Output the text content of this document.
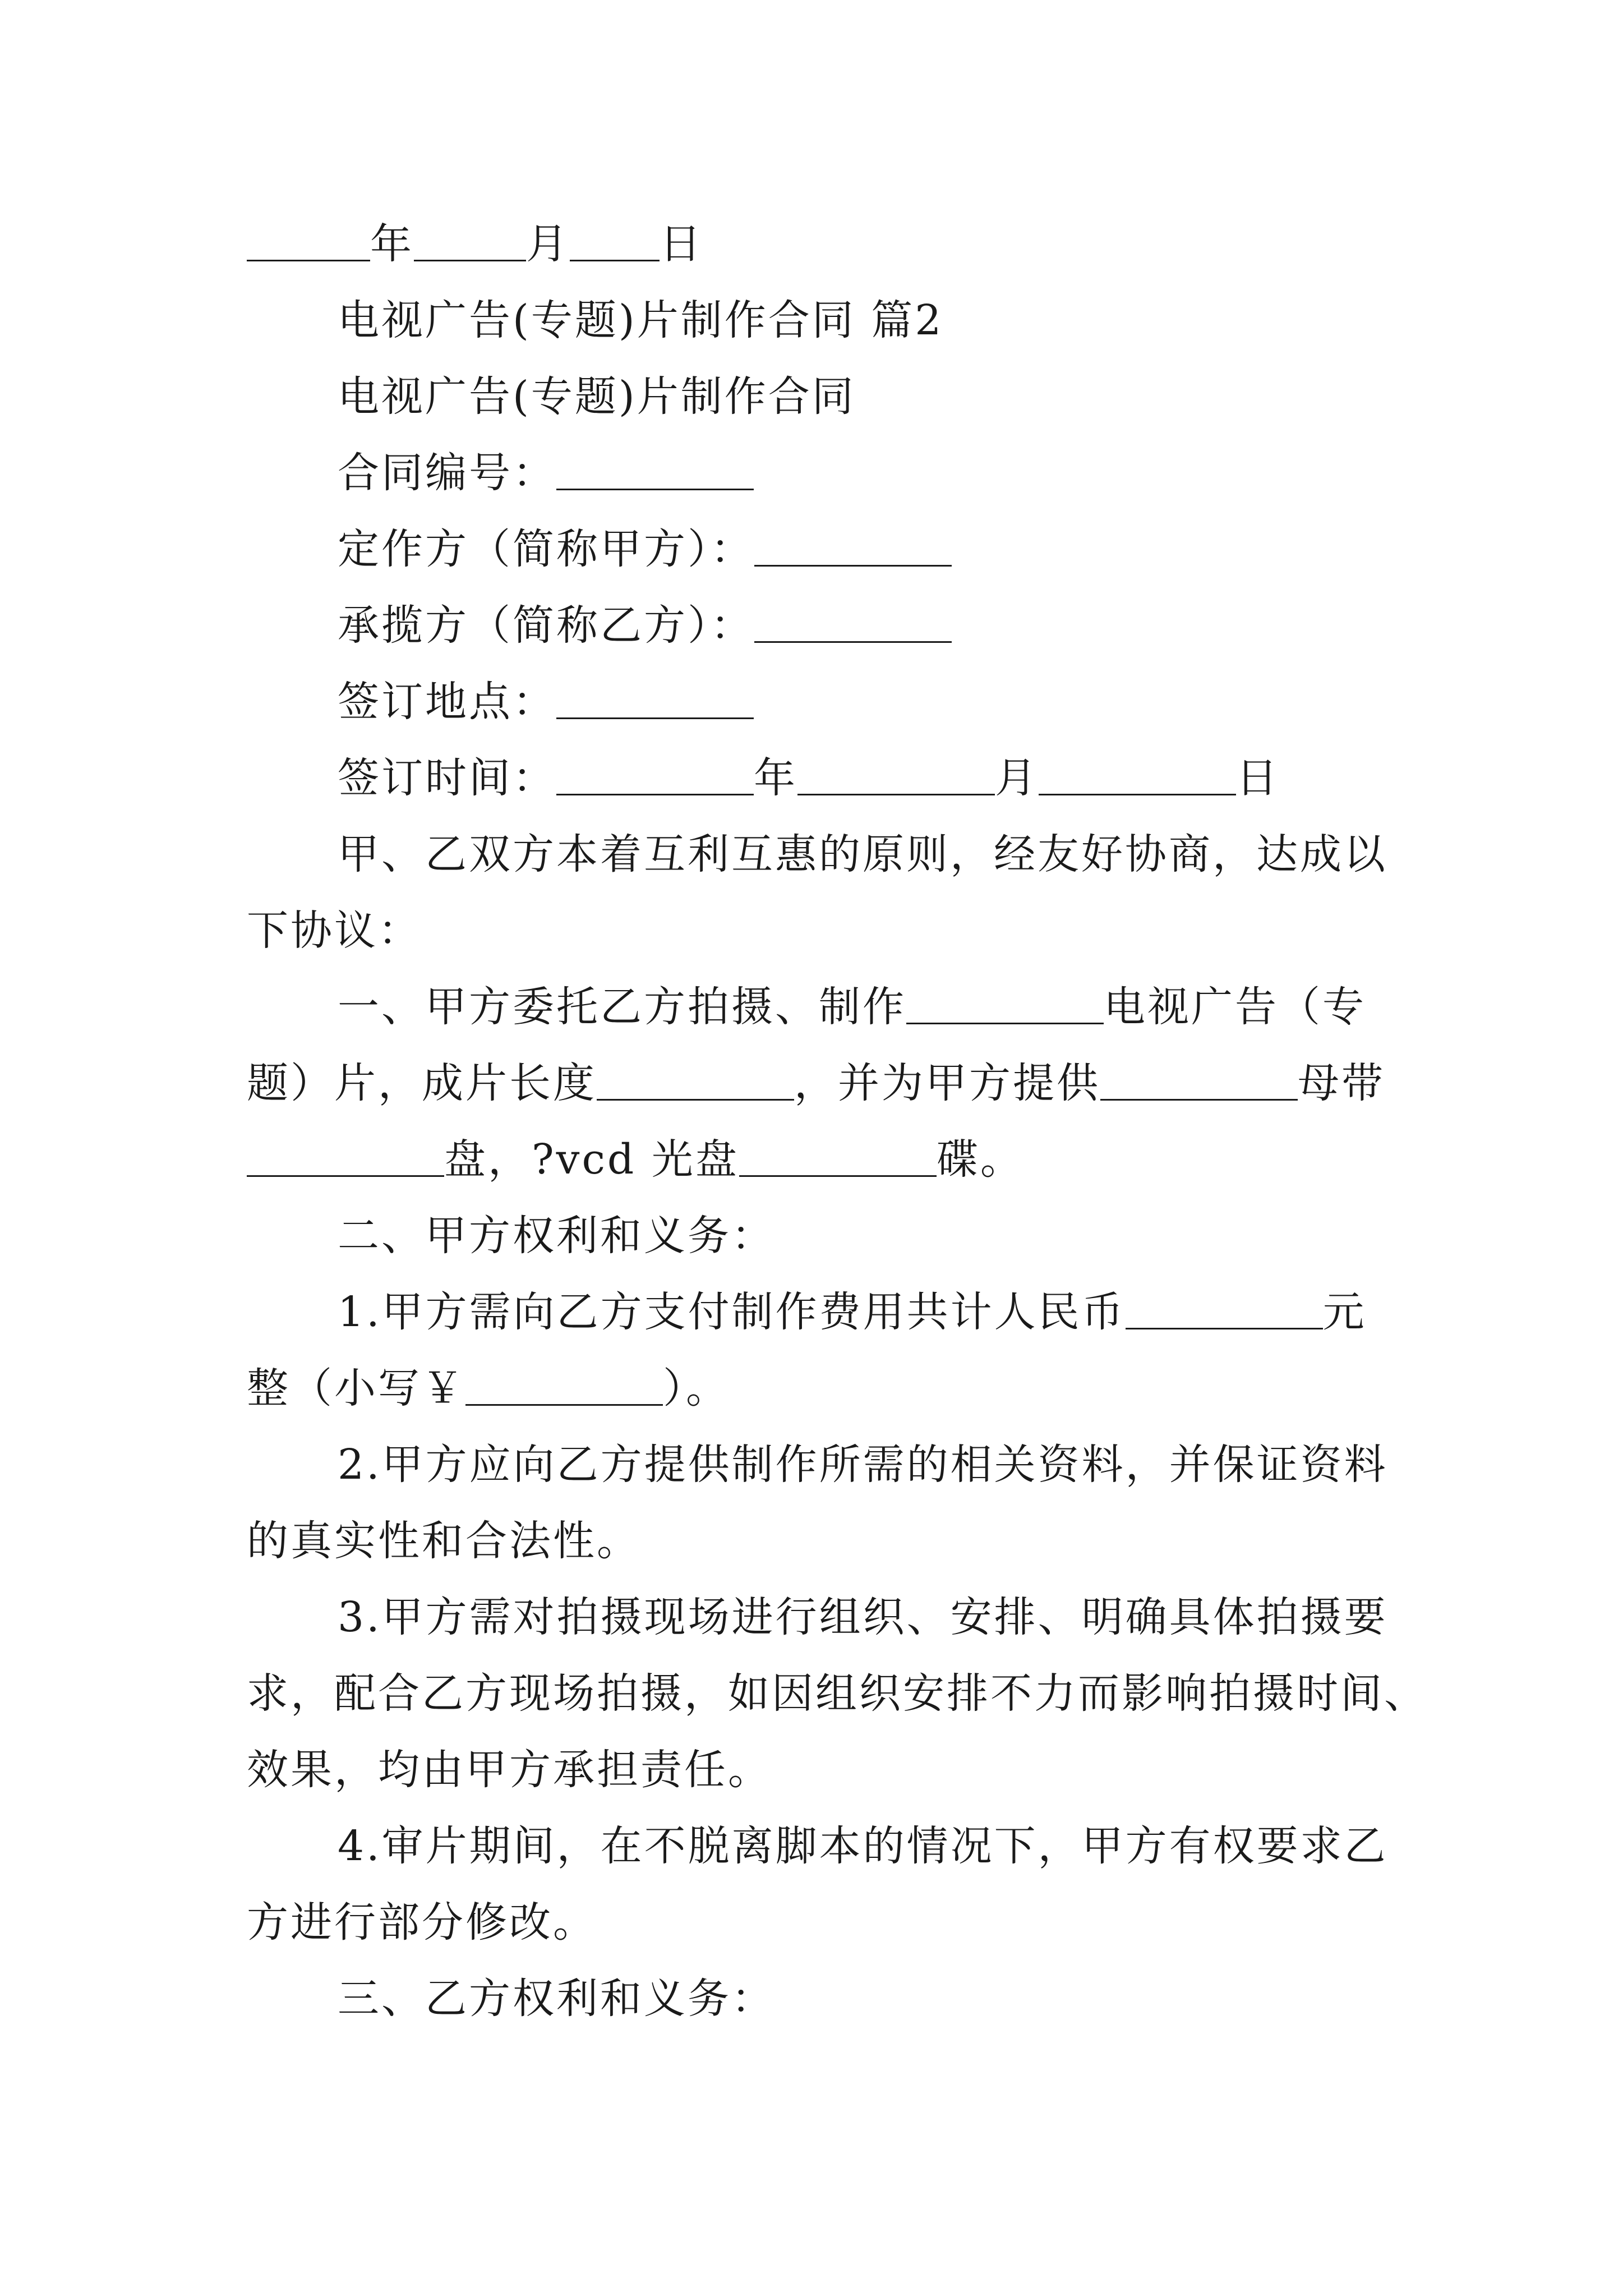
年	月 日
电视广告(专题)片制作合同 篇2
电视广告(专题)片制作合同
合同编号：
定作方（简称甲方）：
承揽方（简称乙方）：
签订地点：
签订时间：	年	月	日
甲、乙双方本着互利互惠的原则，经友好协商，达成以
下协议：
一、甲方委托乙方拍摄、制作	电视广告（专
题）片，成片长度	，并为甲方提供	母带
盘，?vcd 光盘	碟。
二、甲方权利和义务：
1.甲方需向乙方支付制作费用共计人民币	元
整（小写￥	）。
2.甲方应向乙方提供制作所需的相关资料，并保证资料
的真实性和合法性。
3.甲方需对拍摄现场进行组织、安排、明确具体拍摄要
求，配合乙方现场拍摄，如因组织安排不力而影响拍摄时间、
效果，均由甲方承担责任。
4.审片期间，在不脱离脚本的情况下，甲方有权要求乙
方进行部分修改。
三、乙方权利和义务：
